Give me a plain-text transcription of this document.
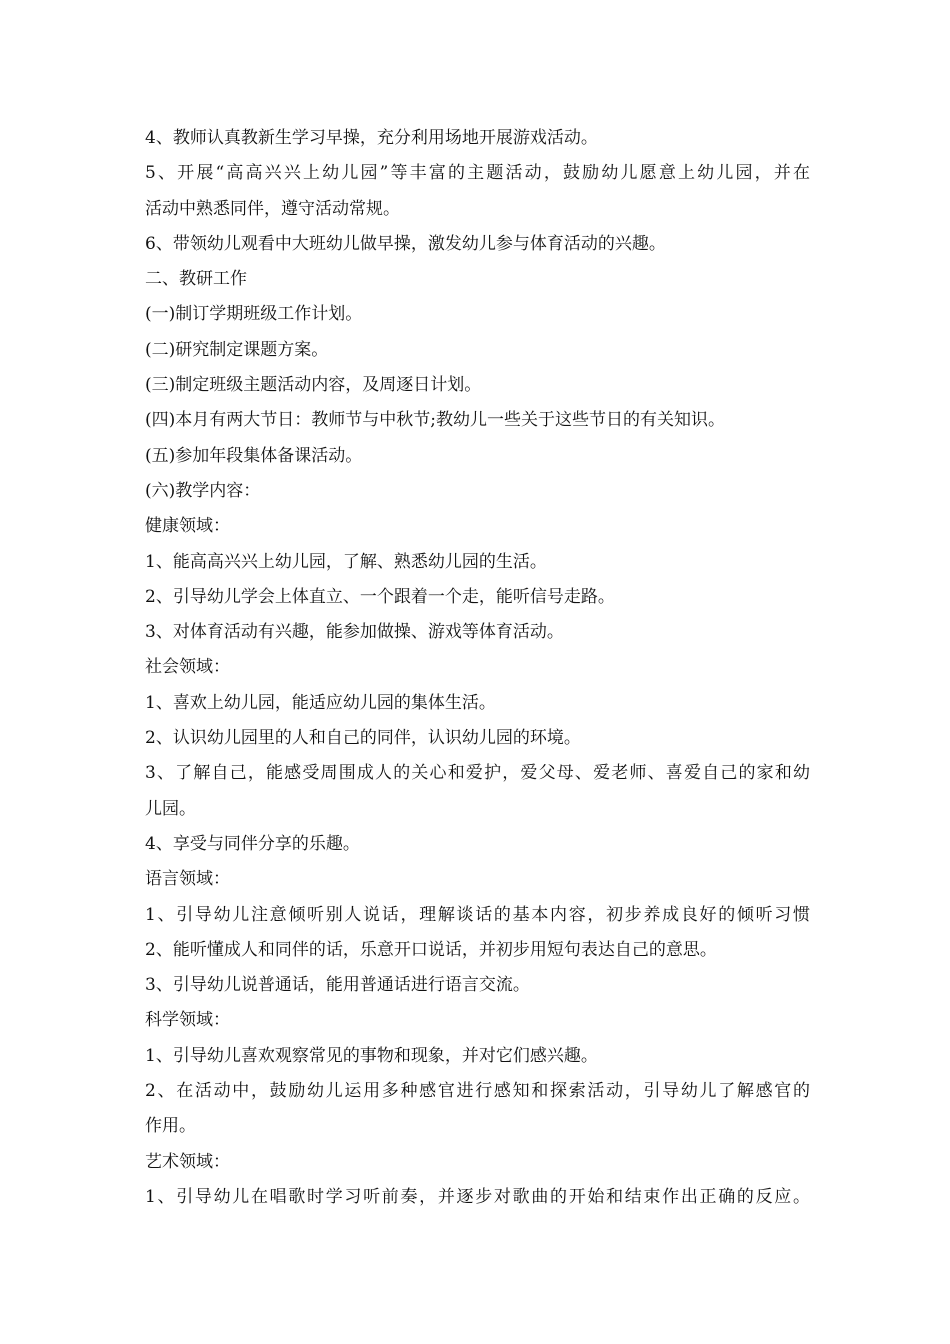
4、教师认真教新生学习早操，充分利用场地开展游戏活动。
5、开展“高高兴兴上幼儿园”等丰富的主题活动，鼓励幼儿愿意上幼儿园，并在
活动中熟悉同伴，遵守活动常规。
6、带领幼儿观看中大班幼儿做早操，激发幼儿参与体育活动的兴趣。
二、教研工作
(一)制订学期班级工作计划。
(二)研究制定课题方案。
(三)制定班级主题活动内容，及周逐日计划。
(四)本月有两大节日：教师节与中秋节;教幼儿一些关于这些节日的有关知识。
(五)参加年段集体备课活动。
(六)教学内容：
健康领域：
1、能高高兴兴上幼儿园，了解、熟悉幼儿园的生活。
2、引导幼儿学会上体直立、一个跟着一个走，能听信号走路。
3、对体育活动有兴趣，能参加做操、游戏等体育活动。
社会领域：
1、喜欢上幼儿园，能适应幼儿园的集体生活。
2、认识幼儿园里的人和自己的同伴，认识幼儿园的环境。
3、了解自己，能感受周围成人的关心和爱护，爱父母、爱老师、喜爱自己的家和幼
儿园。
4、享受与同伴分享的乐趣。
语言领域：
1、引导幼儿注意倾听别人说话，理解谈话的基本内容，初步养成良好的倾听习惯
2、能听懂成人和同伴的话，乐意开口说话，并初步用短句表达自己的意思。
3、引导幼儿说普通话，能用普通话进行语言交流。
科学领域：
1、引导幼儿喜欢观察常见的事物和现象，并对它们感兴趣。
2、在活动中，鼓励幼儿运用多种感官进行感知和探索活动，引导幼儿了解感官的
作用。
艺术领域：
1、引导幼儿在唱歌时学习听前奏，并逐步对歌曲的开始和结束作出正确的反应。
